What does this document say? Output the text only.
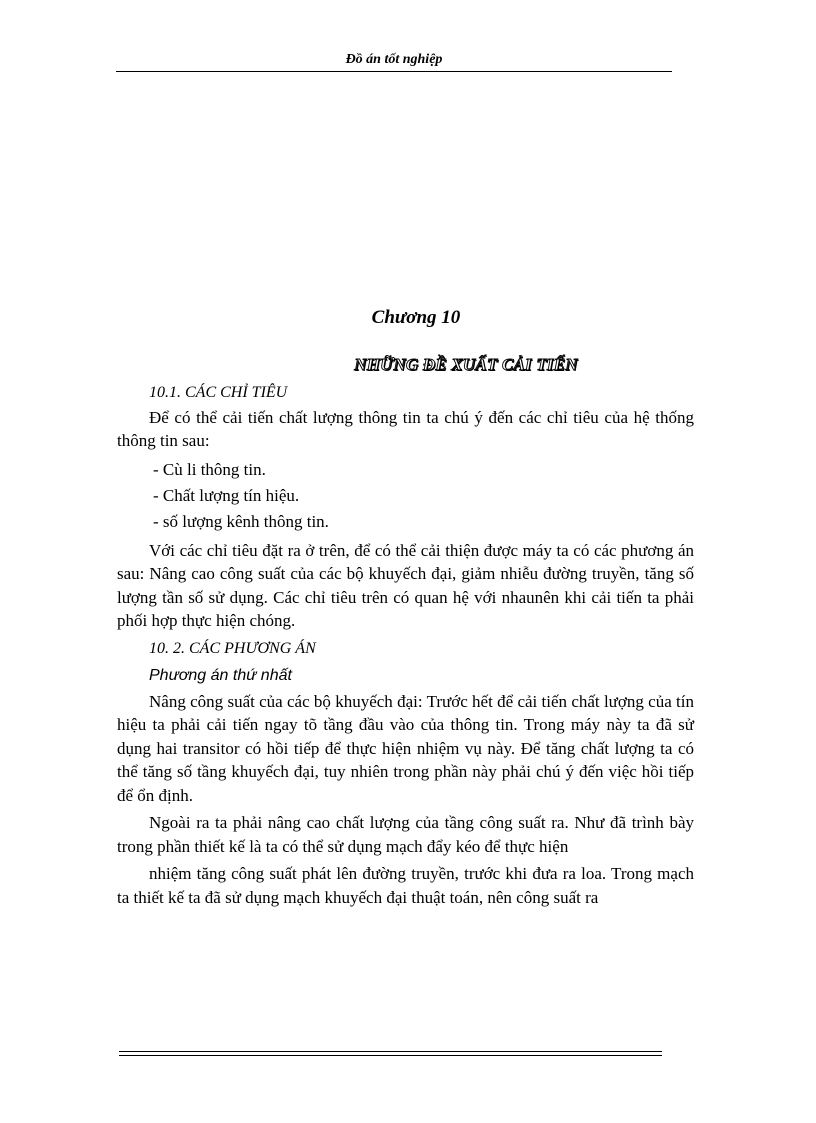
Đồ án tốt nghiệp
Chương 10
NHỮNG ĐỀ XUẤT CẢI TIẾN

10.1. CÁC CHỈ TIÊU

Để có thể cải tiến chất lượng thông tin ta chú ý đến các chỉ tiêu của hệ thống thông tin sau:

- Cù li thông tin.

- Chất lượng tín hiệu.

- số lượng kênh thông tin.

Với các chỉ tiêu đặt ra ở trên, để có thể cải thiện được máy ta có các phương án sau: Nâng cao công suất của các bộ khuyếch đại, giảm nhiễu đường truyền, tăng số lượng tần số sử dụng. Các chỉ tiêu trên có quan hệ với nhaunên khi cải tiến ta phải phối hợp thực hiện chóng.

10. 2. CÁC PHƯƠNG ÁN

Phương án thứ nhất

Nâng công suất của các bộ khuyếch đại: Trước hết để cải tiến chất lượng của tín hiệu ta phải cải tiến ngay tõ tầng đầu vào của thông tin. Trong máy này ta đã sử dụng hai transitor có hồi tiếp để thực hiện nhiệm vụ này. Để tăng chất lượng ta có thể tăng số tầng khuyếch đại, tuy nhiên trong phần này phải chú ý đến việc hồi tiếp để ổn định.

Ngoài ra ta phải nâng cao chất lượng của tầng công suất ra. Như đã trình bày trong phần thiết kế là ta có thể sử dụng mạch đẩy kéo để thực hiện

nhiệm tăng công suất phát lên đường truyền, trước khi đưa ra loa. Trong mạch ta thiết kế ta đã sử dụng mạch khuyếch đại thuật toán, nên công suất ra
